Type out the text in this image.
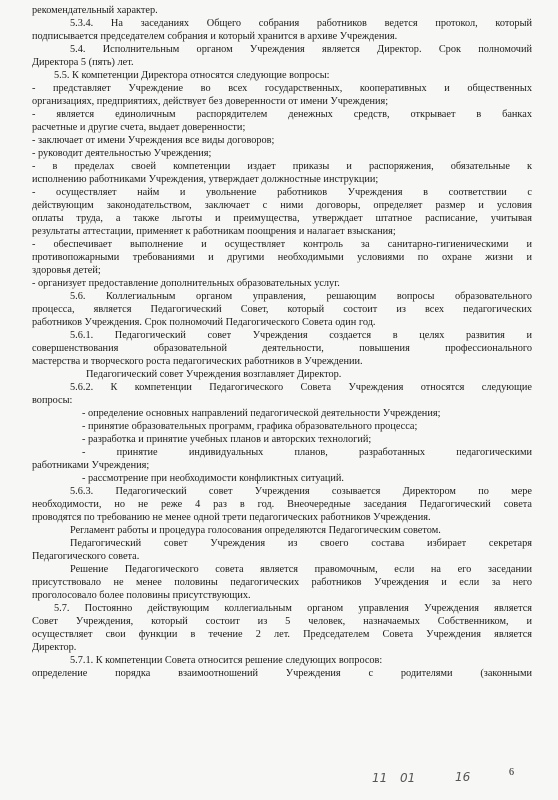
рекомендательный характер.
5.3.4. На заседаниях Общего собрания работников ведется протокол, который
подписывается председателем собрания и который хранится в архиве Учреждения.
5.4. Исполнительным органом Учреждения является Директор. Срок полномочий
Директора 5 (пять) лет.
5.5. К компетенции Директора относятся следующие вопросы:
- представляет Учреждение во всех государственных, кооперативных и общественных
организациях, предприятиях, действует без доверенности от имени Учреждения;
- является единоличным распорядителем денежных средств, открывает в банках
расчетные и другие счета, выдает доверенности;
- заключает от имени Учреждения все виды договоров;
- руководит деятельностью Учреждения;
- в пределах своей компетенции издает приказы и распоряжения, обязательные к
исполнению работниками Учреждения, утверждает должностные инструкции;
- осуществляет найм и увольнение работников Учреждения в соответствии с
действующим законодательством, заключает с ними договоры, определяет размер и условия
оплаты труда, а также льготы и преимущества, утверждает штатное расписание, учитывая
результаты аттестации, применяет к работникам поощрения и налагает взыскания;
- обеспечивает выполнение и осуществляет контроль за санитарно-гигиеническими и
противопожарными требованиями и другими необходимыми условиями по охране жизни и
здоровья детей;
- организует предоставление дополнительных образовательных услуг.
5.6. Коллегиальным органом управления, решающим вопросы образовательного
процесса, является Педагогический Совет, который состоит из всех педагогических
работников Учреждения. Срок полномочий Педагогического Совета один год.
5.6.1. Педагогический совет Учреждения создается в целях развития и
совершенствования образовательной деятельности, повышения профессионального
мастерства и творческого роста педагогических работников в Учреждении.
Педагогический совет Учреждения возглавляет Директор.
5.6.2. К компетенции Педагогического Совета Учреждения относятся следующие
вопросы:
- определение основных направлений педагогической деятельности Учреждения;
- принятие образовательных программ, графика образовательного процесса;
- разработка и принятие учебных планов и авторских технологий;
- принятие индивидуальных планов, разработанных педагогическими
работниками Учреждения;
- рассмотрение при необходимости конфликтных ситуаций.
5.6.3. Педагогический совет Учреждения созывается Директором по мере
необходимости, но не реже 4 раз в год. Внеочередные заседания Педагогический совета
проводятся по требованию не менее одной трети педагогических работников Учреждения.
Регламент работы и процедура голосования определяются Педагогическим советом.
Педагогический совет Учреждения из своего состава избирает секретаря
Педагогического совета.
Решение Педагогического совета является правомочным, если на его заседании
присутствовало не менее половины педагогических работников Учреждения и если за него
проголосовало более половины присутствующих.
5.7. Постоянно действующим коллегиальным органом управления Учреждения является
Совет Учреждения, который состоит из 5 человек, назначаемых Собственником, и
осуществляет свои функции в течение 2 лет. Председателем Совета Учреждения является
Директор.
5.7.1. К компетенции Совета относится решение следующих вопросов:
определение порядка взаимоотношений Учреждения с родителями (законными
11 01	16	6
